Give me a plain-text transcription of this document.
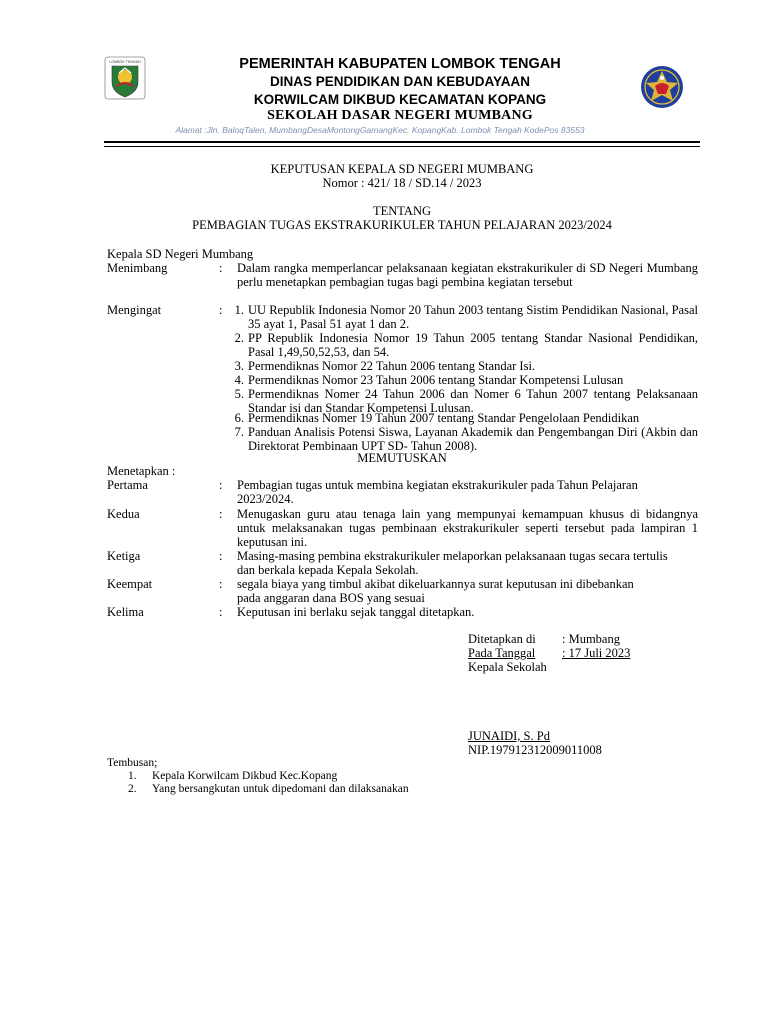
LOMBOK TENGAH	PEMERINTAH KABUPATEN LOMBOK TENGAH
DINAS PENDIDIKAN DAN KEBUDAYAAN
KORWILCAM DIKBUD KECAMATAN KOPANG
SEKOLAH DASAR NEGERI MUMBANG
Alamat :Jln. BaloqTalen, MumbangDesaMontongGamangKec. KopangKab. Lombok Tengah KodePos 83553
KEPUTUSAN KEPALA SD NEGERI MUMBANG
Nomor : 421/ 18 / SD.14 / 2023
TENTANG
PEMBAGIAN TUGAS EKSTRAKURIKULER TAHUN PELAJARAN 2023/2024
Kepala SD Negeri Mumbang
Menimbang	: Dalam rangka memperlancar pelaksanaan kegiatan ekstrakurikuler di SD Negeri Mumbang perlu menetapkan pembagian tugas bagi pembina kegiatan tersebut
Mengingat	: 1. UU Republik Indonesia Nomor 20 Tahun 2003 tentang Sistim Pendidikan Nasional, Pasal 35 ayat 1, Pasal 51 ayat 1 dan 2.
2. PP Republik Indonesia Nomor 19 Tahun 2005 tentang Standar Nasional Pendidikan, Pasal 1,49,50,52,53, dan 54.
3. Permendiknas Nomor 22 Tahun 2006 tentang Standar Isi.
4. Permendiknas Nomor 23 Tahun 2006 tentang Standar Kompetensi Lulusan
5. Permendiknas Nomer 24 Tahun 2006 dan Nomer 6 Tahun 2007 tentang Pelaksanaan Standar isi dan Standar Kompetensi Lulusan.
6. Permendiknas Nomer 19 Tahun 2007 tentang Standar Pengelolaan Pendidikan
7. Panduan Analisis Potensi Siswa, Layanan Akademik dan Pengembangan Diri (Akbin dan Direktorat Pembinaan UPT SD- Tahun 2008).
MEMUTUSKAN
Menetapkan :
Pertama	: Pembagian tugas untuk membina kegiatan ekstrakurikuler pada Tahun Pelajaran 2023/2024.
Kedua	: Menugaskan guru atau tenaga lain yang mempunyai kemampuan khusus di bidangnya untuk melaksanakan tugas pembinaan ekstrakurikuler seperti tersebut pada lampiran 1 keputusan ini.
Ketiga	: Masing-masing pembina ekstrakurikuler melaporkan pelaksanaan tugas secara tertulis dan berkala kepada Kepala Sekolah.
Keempat	: segala biaya yang timbul akibat dikeluarkannya surat keputusan ini dibebankan pada anggaran dana BOS yang sesuai
Kelima	: Keputusan ini berlaku sejak tanggal ditetapkan.
Ditetapkan di : Mumbang
Pada Tanggal	: 17 Juli 2023
Kepala Sekolah
JUNAIDI, S. Pd
NIP.197912312009011008
Tembusan;
1. Kepala Korwilcam Dikbud Kec.Kopang
2. Yang bersangkutan untuk dipedomani dan dilaksanakan
